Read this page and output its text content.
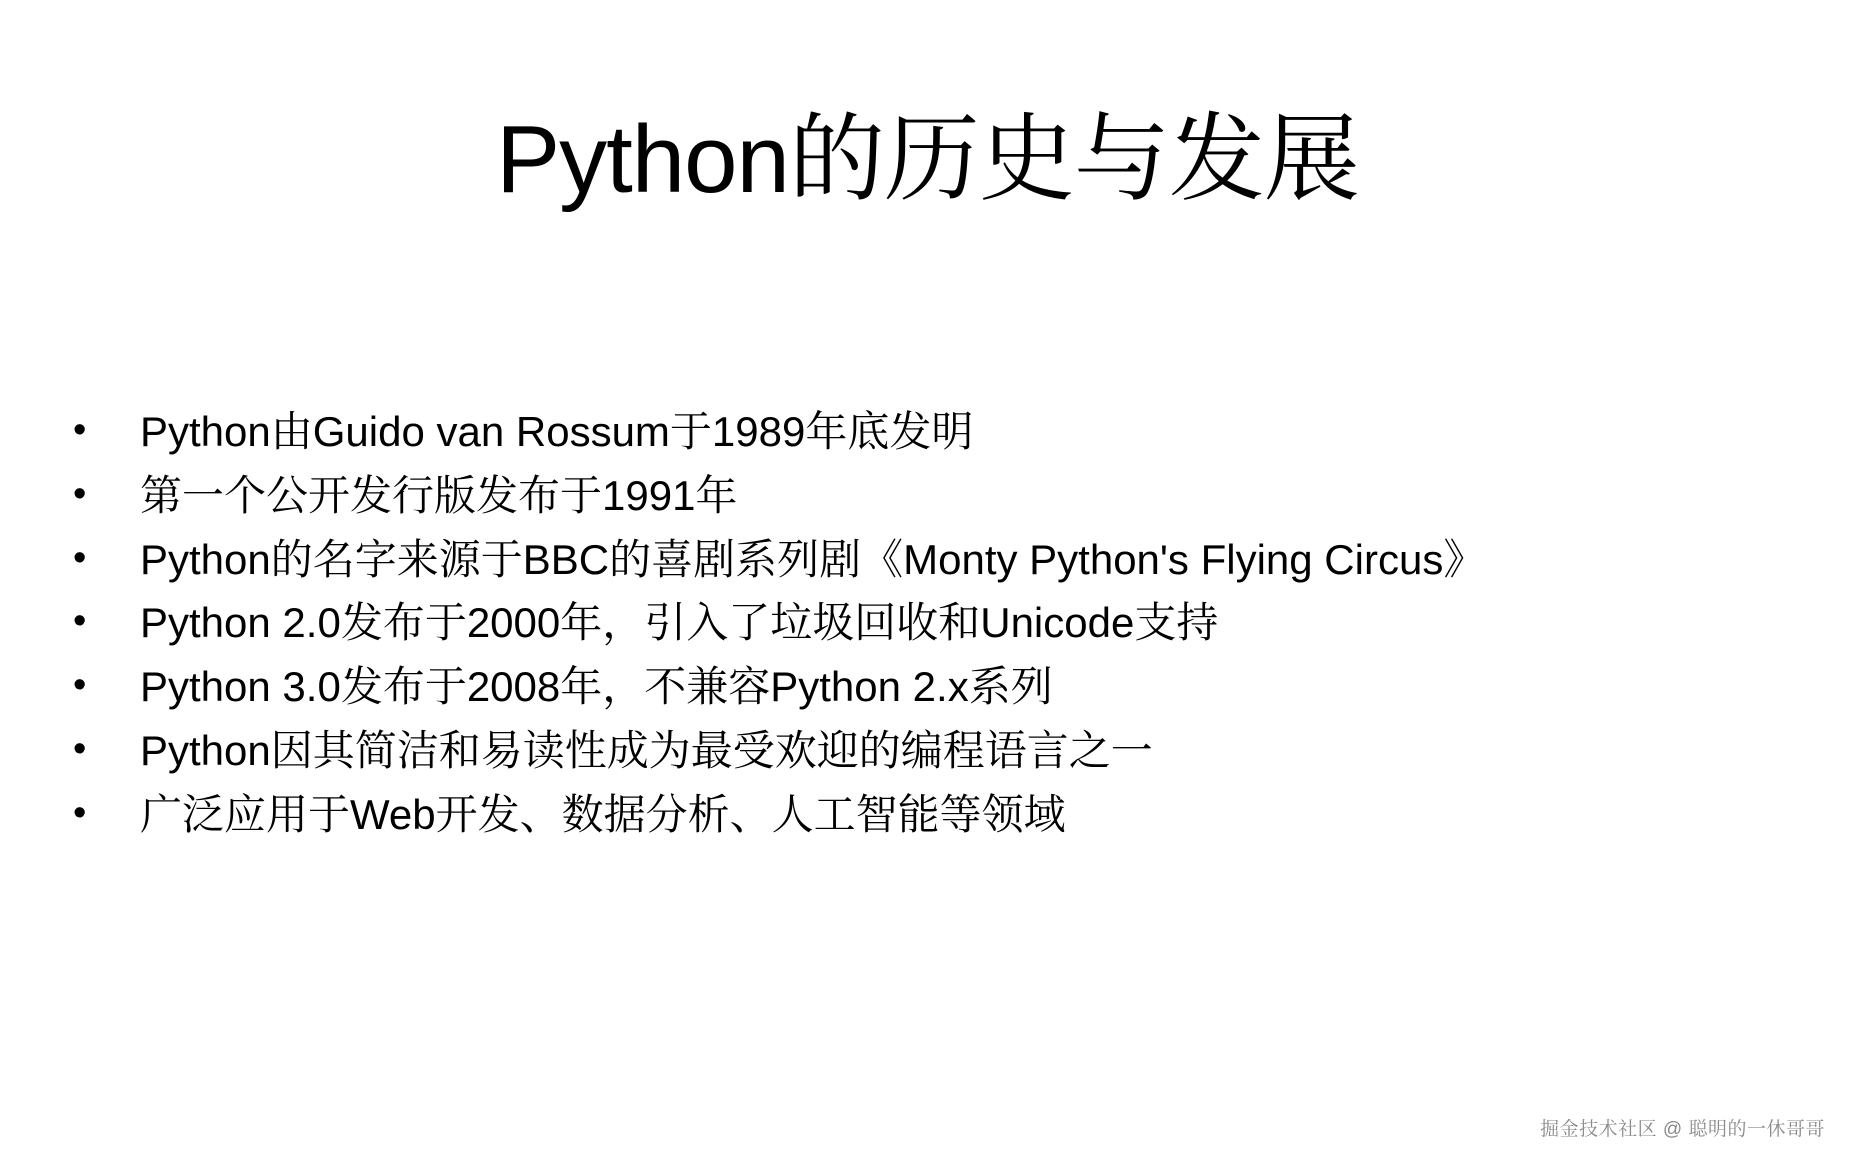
Python的历史与发展
•	Python由Guido van Rossum于1989年底发明
•	第一个公开发行版发布于1991年
•	Python的名字来源于BBC的喜剧系列剧《Monty Python's Flying Circus》
•	Python 2.0发布于2000年，引入了垃圾回收和Unicode支持
•	Python 3.0发布于2008年，不兼容Python 2.x系列
•	Python因其简洁和易读性成为最受欢迎的编程语言之一
•	广泛应用于Web开发、数据分析、人工智能等领域
掘金技术社区 @ 聪明的一休哥哥
